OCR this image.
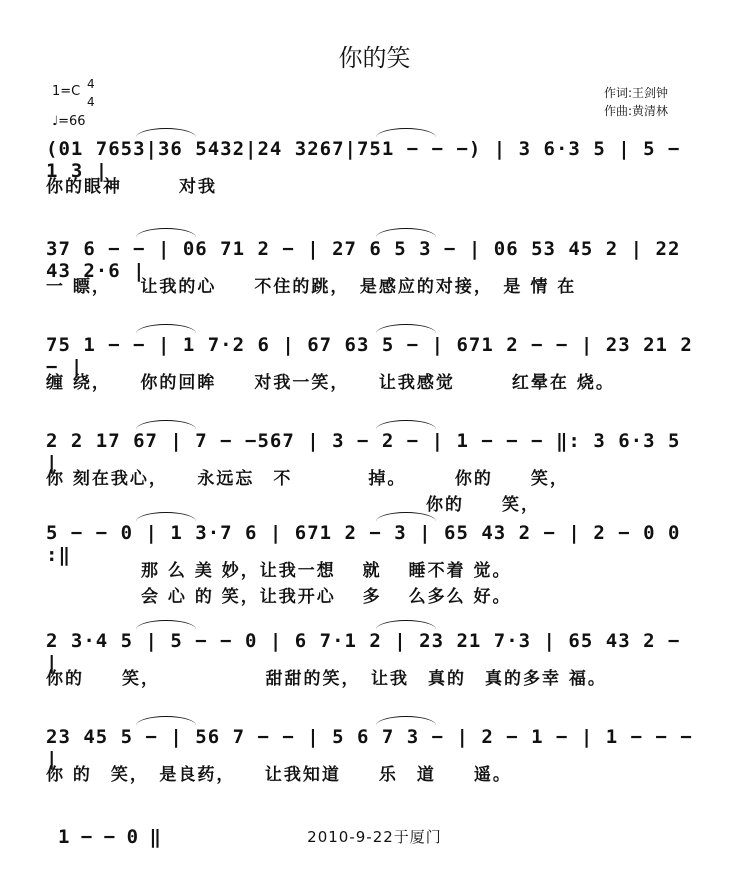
你的笑
1=C 4
4
♩=66
作词:王剑钟
作曲:黄清林
(01 7653|36 5432|24 3267|751 − − −) | 3 6·3 5 | 5 − 1 3 |
你的眼神　　　对我
37 6 − − | 06 71 2 − | 27 6 5 3 − | 06 53 45 2 | 22 43 2·6 |
一 瞟，　　让我的心　　不住的跳，　是感应的对接，　是 情 在
75 1 − − | 1 7·2 6 | 67 63 5 − | 671 2 − − | 23 21 2 − |
缠 绕，　　你的回眸　　对我一笑，　　让我感觉　　　红晕在 烧。
2 2 17 67 | 7 − −567 | 3 − 2 − | 1 − − − ‖: 3 6·3 5 |
你 刻在我心，　　永远忘　不　　　　掉。　　　你的　　笑，
　　　　　　　　　　　　　　　　　　　　你的　　笑，
5 − − 0 | 1 3·7 6 | 671 2 − 3 | 65 43 2 − | 2 − 0 0 :‖
　　　　　那 么 美 妙，让我一想　 就　 睡不着 觉。
　　　　　会 心 的 笑，让我开心　 多　 么多么 好。
2 3·4 5 | 5 − − 0 | 6 7·1 2 | 23 21 7·3 | 65 43 2 − |
你的　　笑，　　　　　　甜甜的笑，　让我　真的　真的多幸 福。
23 45 5 − | 56 7 − − | 5 6 7 3 − | 2 − 1 − | 1 − − − |
你 的　笑，　是良药，　　让我知道　　乐　道　　遥。
1 − − 0 ‖	2010-9-22于厦门
